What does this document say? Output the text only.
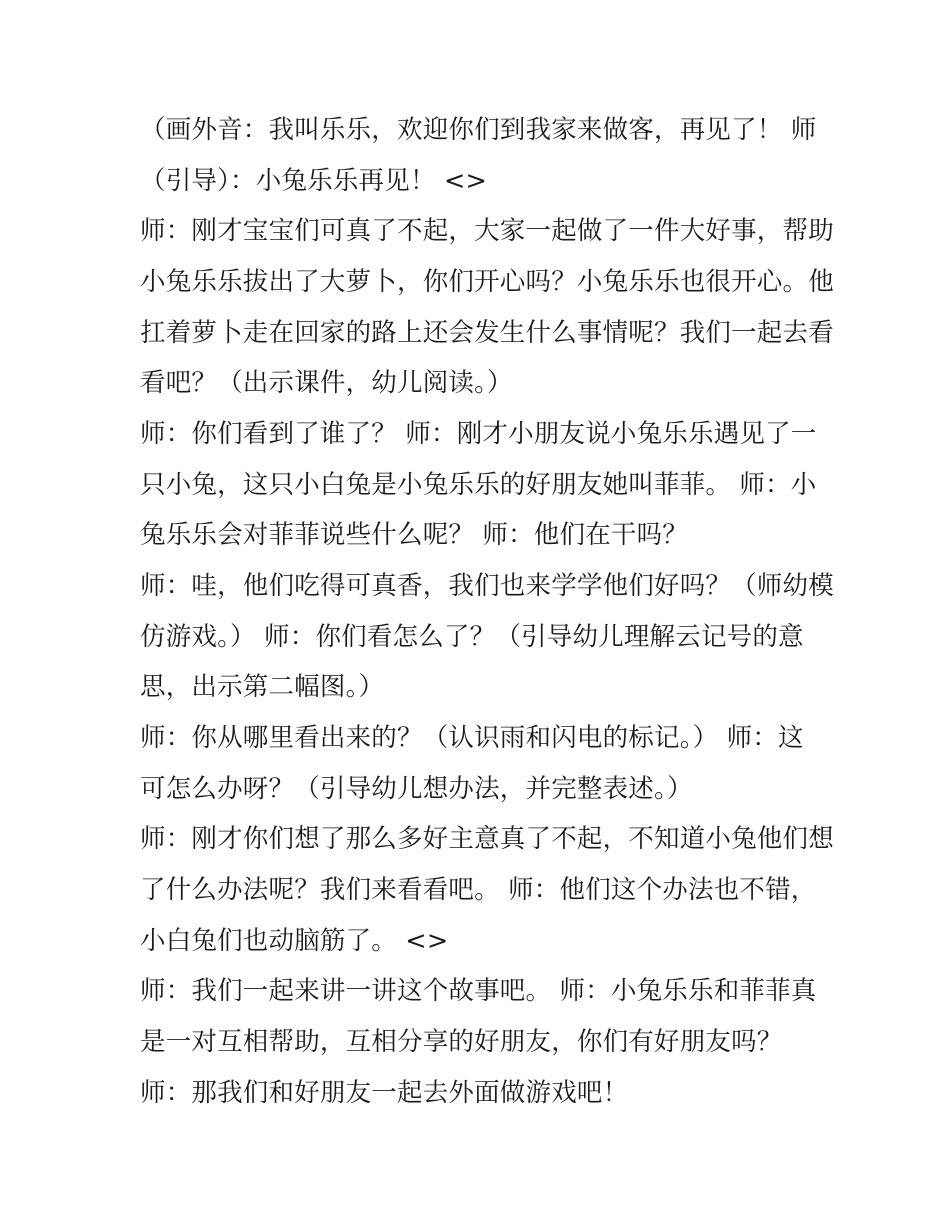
（画外音：我叫乐乐，欢迎你们到我家来做客，再见了！ 师
（引导）：小兔乐乐再见！ <>
师：刚才宝宝们可真了不起，大家一起做了一件大好事，帮助
小兔乐乐拔出了大萝卜，你们开心吗？小兔乐乐也很开心。他
扛着萝卜走在回家的路上还会发生什么事情呢？我们一起去看
看吧？（出示课件，幼儿阅读。）
师：你们看到了谁了？ 师：刚才小朋友说小兔乐乐遇见了一
只小兔，这只小白兔是小兔乐乐的好朋友她叫菲菲。 师：小
兔乐乐会对菲菲说些什么呢？ 师：他们在干吗？
师：哇，他们吃得可真香，我们也来学学他们好吗？（师幼模
仿游戏。） 师：你们看怎么了？（引导幼儿理解云记号的意
思，出示第二幅图。）
师：你从哪里看出来的？（认识雨和闪电的标记。） 师：这
可怎么办呀？（引导幼儿想办法，并完整表述。）
师：刚才你们想了那么多好主意真了不起，不知道小兔他们想
了什么办法呢？我们来看看吧。 师：他们这个办法也不错，
小白兔们也动脑筋了。 <>
师：我们一起来讲一讲这个故事吧。 师：小兔乐乐和菲菲真
是一对互相帮助，互相分享的好朋友，你们有好朋友吗？
师：那我们和好朋友一起去外面做游戏吧！
